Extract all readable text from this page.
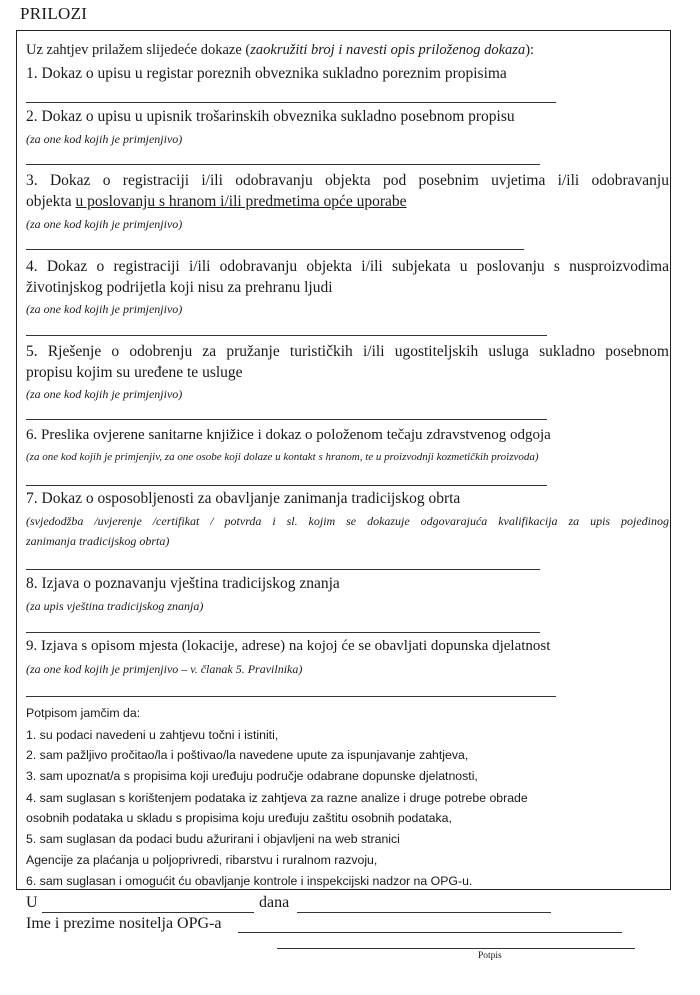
PRILOZI
Uz zahtjev prilažem slijedeće dokaze (zaokružiti broj i navesti opis priloženog dokaza):
1. Dokaz o upisu u registar poreznih obveznika sukladno poreznim propisima
2. Dokaz o upisu u upisnik trošarinskih obveznika sukladno posebnom propisu
(za one kod kojih je primjenjivo)
3. Dokaz o registraciji i/ili odobravanju objekta pod posebnim uvjetima i/ili odobravanju
objekta u poslovanju s hranom i/ili predmetima opće uporabe
(za one kod kojih je primjenjivo)
4. Dokaz o registraciji i/ili odobravanju objekta i/ili subjekata u poslovanju s nusproizvodima
životinjskog podrijetla koji nisu za prehranu ljudi
(za one kod kojih je primjenjivo)
5. Rješenje o odobrenju za pružanje turističkih i/ili ugostiteljskih usluga sukladno posebnom
propisu kojim su uređene te usluge
(za one kod kojih je primjenjivo)
6. Preslika ovjerene sanitarne knjižice i dokaz o položenom tečaju zdravstvenog odgoja
(za one kod kojih je primjenjiv, za one osobe koji dolaze u kontakt s hranom, te u proizvodnji kozmetičkih proizvoda)
7. Dokaz o osposobljenosti za obavljanje zanimanja tradicijskog obrta
(svjedodžba /uvjerenje /certifikat / potvrda i sl. kojim se dokazuje odgovarajuća kvalifikacija za upis pojedinog
zanimanja tradicijskog obrta)
8. Izjava o poznavanju vještina tradicijskog znanja
(za upis vještina tradicijskog znanja)
9. Izjava s opisom mjesta (lokacije, adrese) na kojoj će se obavljati dopunska djelatnost
(za one kod kojih je primjenjivo – v. članak 5. Pravilnika)
Potpisom jamčim da:
1. su podaci navedeni u zahtjevu točni i istiniti,
2. sam pažljivo pročitao/la i poštivao/la navedene upute za ispunjavanje zahtjeva,
3. sam upoznat/a s propisima koji uređuju područje odabrane dopunske djelatnosti,
4. sam suglasan s korištenjem podataka iz zahtjeva za razne analize i druge potrebe obrade
osobnih podataka u skladu s propisima koju uređuju zaštitu osobnih podataka,
5. sam suglasan da podaci budu ažurirani i objavljeni na web stranici
Agencije za plaćanja u poljoprivredi, ribarstvu i ruralnom razvoju,
6. sam suglasan i omogućit ću obavljanje kontrole i inspekcijski nadzor na OPG-u.
U	dana
Ime i prezime nositelja OPG-a
Potpis
